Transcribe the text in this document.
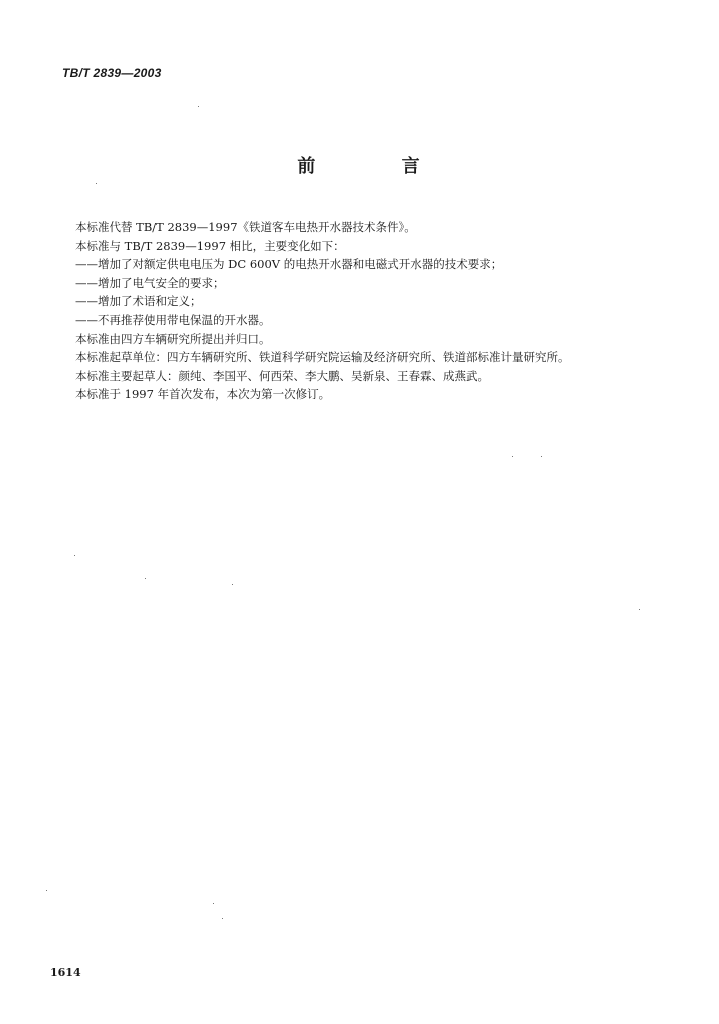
TB/T 2839—2003
前 言
本标准代替 TB/T 2839—1997《铁道客车电热开水器技术条件》。
本标准与 TB/T 2839—1997 相比，主要变化如下：
——增加了对额定供电电压为 DC 600V 的电热开水器和电磁式开水器的技术要求；
——增加了电气安全的要求；
——增加了术语和定义；
——不再推荐使用带电保温的开水器。
本标准由四方车辆研究所提出并归口。
本标准起草单位：四方车辆研究所、铁道科学研究院运输及经济研究所、铁道部标准计量研究所。
本标准主要起草人：颜纯、李国平、何西荣、李大鹏、吴新泉、王春霖、成燕武。
本标准于 1997 年首次发布，本次为第一次修订。
1614
